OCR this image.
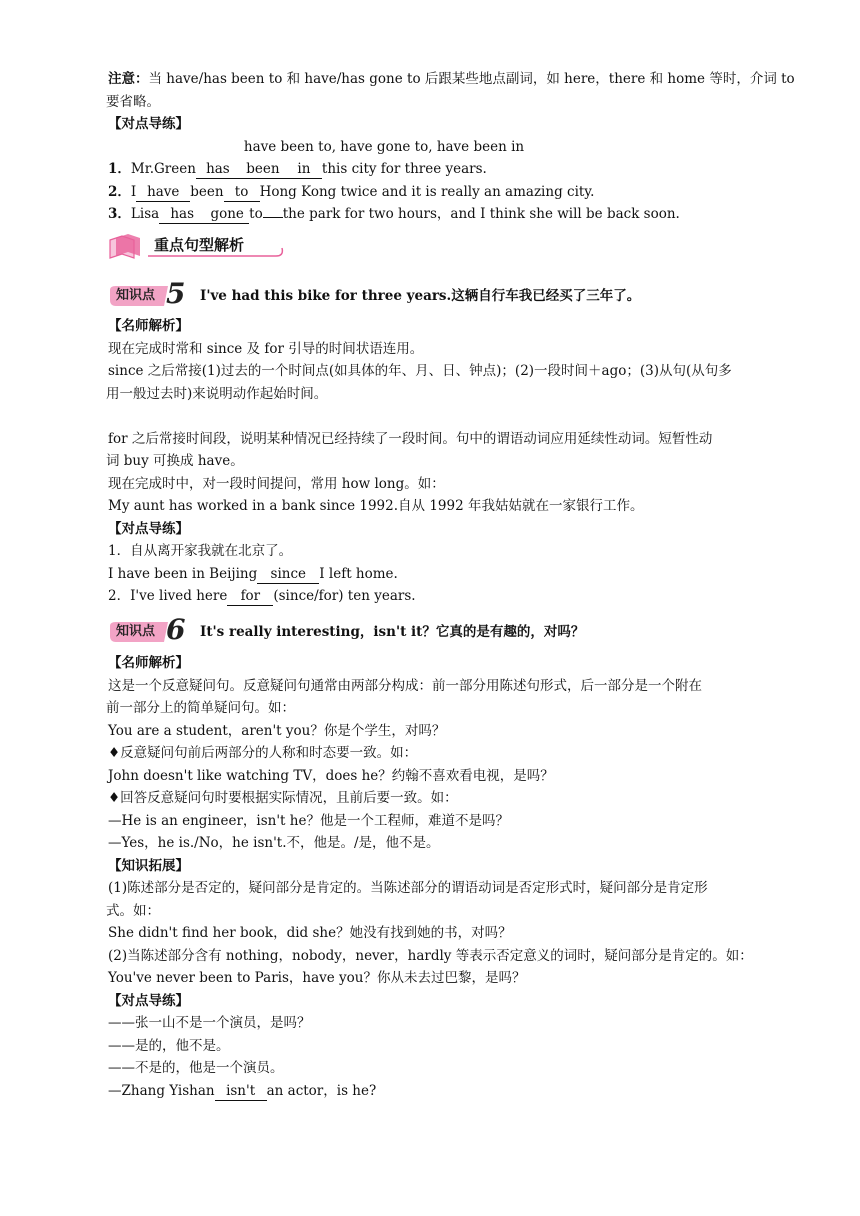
注意：当 have/has been to 和 have/has gone to 后跟某些地点副词，如 here，there 和 home 等时，介词 to
要省略。
【对点导练】
have been to, have gone to, have been in
1．Mr.Green has been in this city for three years.
2．I have been to Hong Kong twice and it is really an amazing city.
3．Lisa has gone to the park for two hours，and I think she will be back soon.
重点句型解析
知识点 5 I've had this bike for three years.这辆自行车我已经买了三年了。
【名师解析】
现在完成时常和 since 及 for 引导的时间状语连用。
since 之后常接(1)过去的一个时间点(如具体的年、月、日、钟点)；(2)一段时间＋ago；(3)从句(从句多
用一般过去时)来说明动作起始时间。
for 之后常接时间段，说明某种情况已经持续了一段时间。句中的谓语动词应用延续性动词。短暂性动
词 buy 可换成 have。
现在完成时中，对一段时间提问，常用 how long。如：
My aunt has worked in a bank since 1992.自从 1992 年我姑姑就在一家银行工作。
【对点导练】
1．自从离开家我就在北京了。
I have been in Beijing since I left home.
2．I've lived here for (since/for) ten years.
知识点 6 It's really interesting，isn't it？它真的是有趣的，对吗？
【名师解析】
这是一个反意疑问句。反意疑问句通常由两部分构成：前一部分用陈述句形式，后一部分是一个附在
前一部分上的简单疑问句。如：
You are a student，aren't you？你是个学生，对吗？
♦反意疑问句前后两部分的人称和时态要一致。如：
John doesn't like watching TV，does he？约翰不喜欢看电视，是吗？
♦回答反意疑问句时要根据实际情况，且前后要一致。如：
—He is an engineer，isn't he？他是一个工程师，难道不是吗？
—Yes，he is./No，he isn't.不，他是。/是，他不是。
【知识拓展】
(1)陈述部分是否定的，疑问部分是肯定的。当陈述部分的谓语动词是否定形式时，疑问部分是肯定形
式。如：
She didn't find her book，did she？她没有找到她的书，对吗？
(2)当陈述部分含有 nothing，nobody，never，hardly 等表示否定意义的词时，疑问部分是肯定的。如：
You've never been to Paris，have you？你从未去过巴黎，是吗？
【对点导练】
——张一山不是一个演员，是吗？
——是的，他不是。
——不是的，他是一个演员。
—Zhang Yishan isn't an actor，is he?
